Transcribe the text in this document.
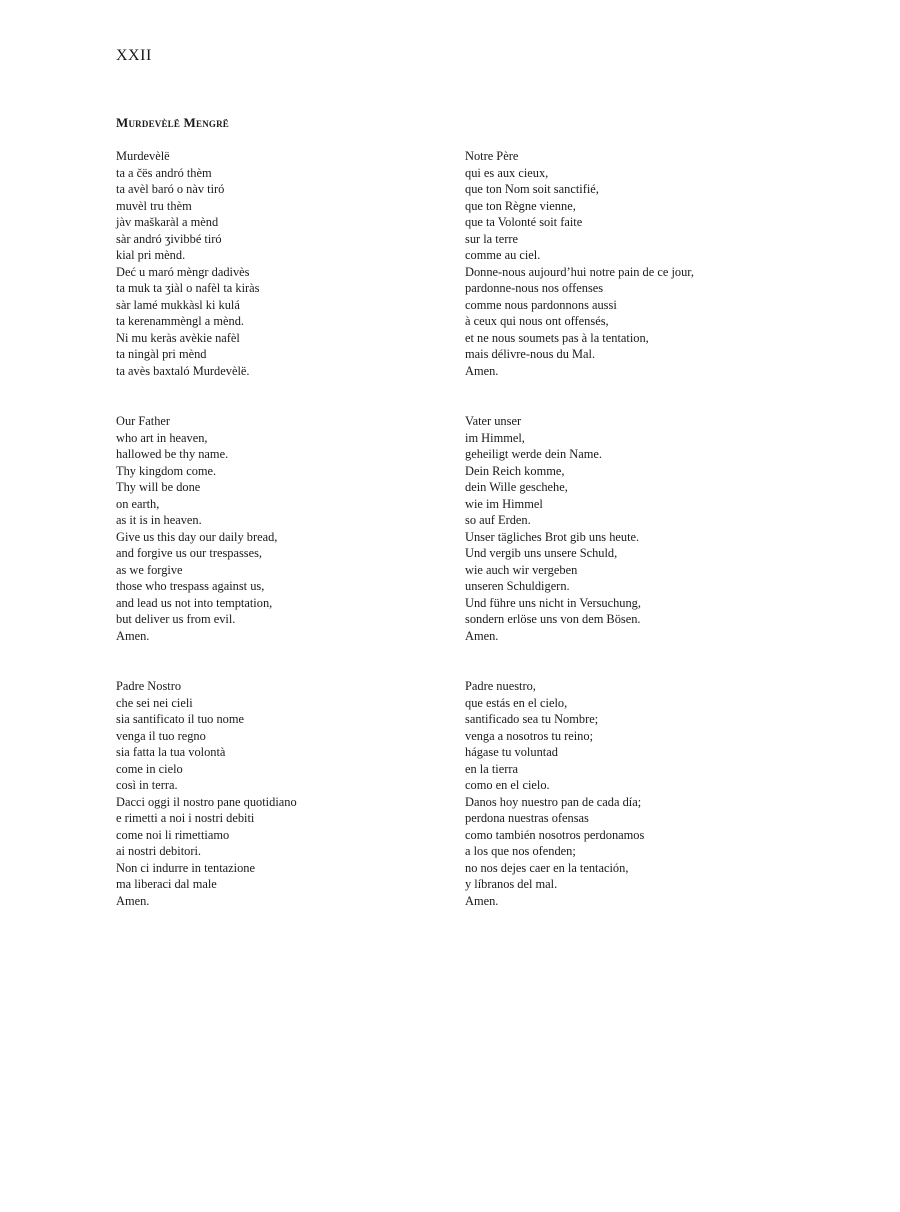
XXII
Murdevèlë Mengrë
Murdevèlë
ta a čës andró thèm
ta avèl baró o nàv tiró
muvèl tru thèm
jàv maškaràl a mènd
sàr andró ʒivibbé tiró
kial pri mènd.
Deć u maró mèngr dadivès
ta muk ta ʒiàl o nafèl ta kiràs
sàr lamé mukkàsl ki kulá
ta kerenammèngl a mènd.
Ni mu keràs avèkie nafèl
ta ningàl pri mènd
ta avès baxtaló Murdevèlë.
Notre Père
qui es aux cieux,
que ton Nom soit sanctifié,
que ton Règne vienne,
que ta Volonté soit faite
sur la terre
comme au ciel.
Donne-nous aujourd’hui notre pain de ce jour,
pardonne-nous nos offenses
comme nous pardonnons aussi
à ceux qui nous ont offensés,
et ne nous soumets pas à la tentation,
mais délivre-nous du Mal.
Amen.
Our Father
who art in heaven,
hallowed be thy name.
Thy kingdom come.
Thy will be done
on earth,
as it is in heaven.
Give us this day our daily bread,
and forgive us our trespasses,
as we forgive
those who trespass against us,
and lead us not into temptation,
but deliver us from evil.
Amen.
Vater unser
im Himmel,
geheiligt werde dein Name.
Dein Reich komme,
dein Wille geschehe,
wie im Himmel
so auf Erden.
Unser tägliches Brot gib uns heute.
Und vergib uns unsere Schuld,
wie auch wir vergeben
unseren Schuldigern.
Und führe uns nicht in Versuchung,
sondern erlöse uns von dem Bösen.
Amen.
Padre Nostro
che sei nei cieli
sia santificato il tuo nome
venga il tuo regno
sia fatta la tua volontà
come in cielo
così in terra.
Dacci oggi il nostro pane quotidiano
e rimetti a noi i nostri debiti
come noi li rimettiamo
ai nostri debitori.
Non ci indurre in tentazione
ma liberaci dal male
Amen.
Padre nuestro,
que estás en el cielo,
santificado sea tu Nombre;
venga a nosotros tu reino;
hágase tu voluntad
en la tierra
como en el cielo.
Danos hoy nuestro pan de cada día;
perdona nuestras ofensas
como también nosotros perdonamos
a los que nos ofenden;
no nos dejes caer en la tentación,
y líbranos del mal.
Amen.
